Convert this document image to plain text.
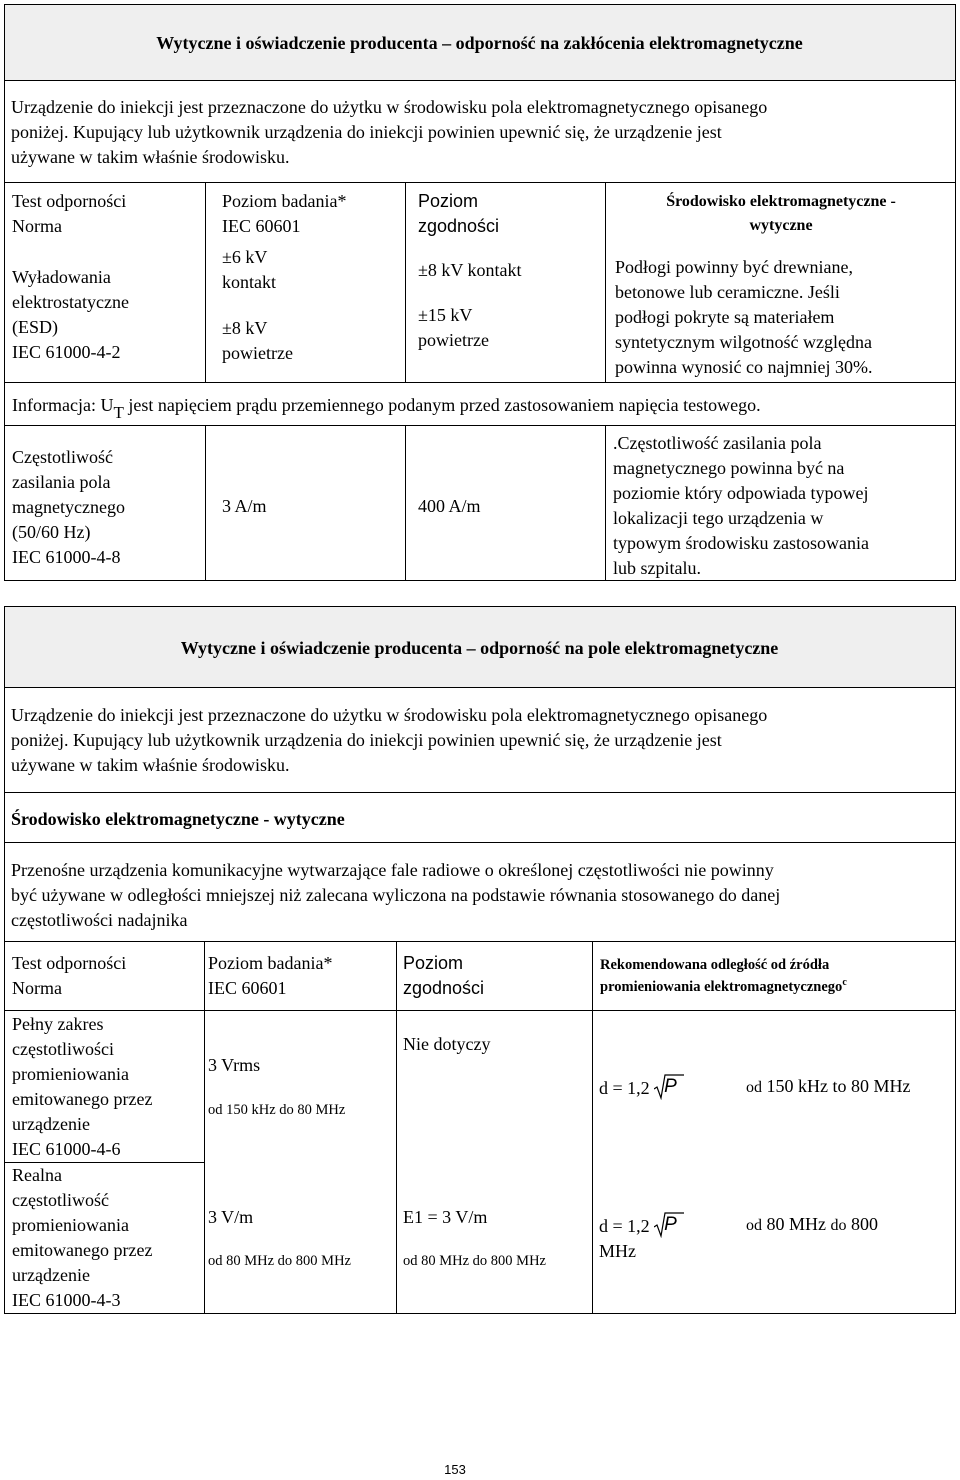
Wytyczne i oświadczenie producenta – odporność na zakłócenia elektromagnetyczne
Urządzenie do iniekcji jest przeznaczone do użytku w środowisku pola elektromagnetycznego opisanego
poniżej. Kupujący lub użytkownik urządzenia do iniekcji powinien upewnić się, że urządzenie jest
używane w takim właśnie środowisku.
Test odporności
Norma
Poziom badania*
IEC 60601
Poziom
zgodności
Środowisko elektromagnetyczne -
wytyczne
Wyładowania
elektrostatyczne
(ESD)
IEC 61000-4-2
±6 kV
kontakt
±8 kV
powietrze
±8 kV kontakt
±15 kV
powietrze
Podłogi powinny być drewniane,
betonowe lub ceramiczne. Jeśli
podłogi pokryte są materiałem
syntetycznym wilgotność względna
powinna wynosić co najmniej 30%.
Informacja: $U_T$ jest napięciem prądu przemiennego podanym przed zastosowaniem napięcia testowego.
Częstotliwość
zasilania pola
magnetycznego
(50/60 Hz)
IEC 61000-4-8
3 A/m	400 A/m
.Częstotliwość zasilania pola
magnetycznego powinna być na
poziomie który odpowiada typowej
lokalizacji tego urządzenia w
typowym środowisku zastosowania
lub szpitalu.
Wytyczne i oświadczenie producenta – odporność na pole elektromagnetyczne
Urządzenie do iniekcji jest przeznaczone do użytku w środowisku pola elektromagnetycznego opisanego
poniżej. Kupujący lub użytkownik urządzenia do iniekcji powinien upewnić się, że urządzenie jest
używane w takim właśnie środowisku.
Środowisko elektromagnetyczne - wytyczne
Przenośne urządzenia komunikacyjne wytwarzające fale radiowe o określonej częstotliwości nie powinny
być używane w odległości mniejszej niż zalecana wyliczona na podstawie równania stosowanego do danej
częstotliwości nadajnika
Test odporności
Norma
Poziom badania*
IEC 60601
Poziom
zgodności
Rekomendowana odległość od źródła
promieniowania elektromagnetycznego$^c$
Pełny zakres
częstotliwości
promieniowania
emitowanego przez
urządzenie
IEC 61000-4-6
3 Vrms
od 150 kHz do 80 MHz
Nie dotyczy
d = 1,2 P	od 150 kHz to 80 MHz
Realna
częstotliwość
promieniowania
emitowanego przez
urządzenie
IEC 61000-4-3
3 V/m
od 80 MHz do 800 MHz
E1 = 3 V/m
od 80 MHz do 800 MHz
d = 1,2 P
MHz
od 80 MHz do 800
153
